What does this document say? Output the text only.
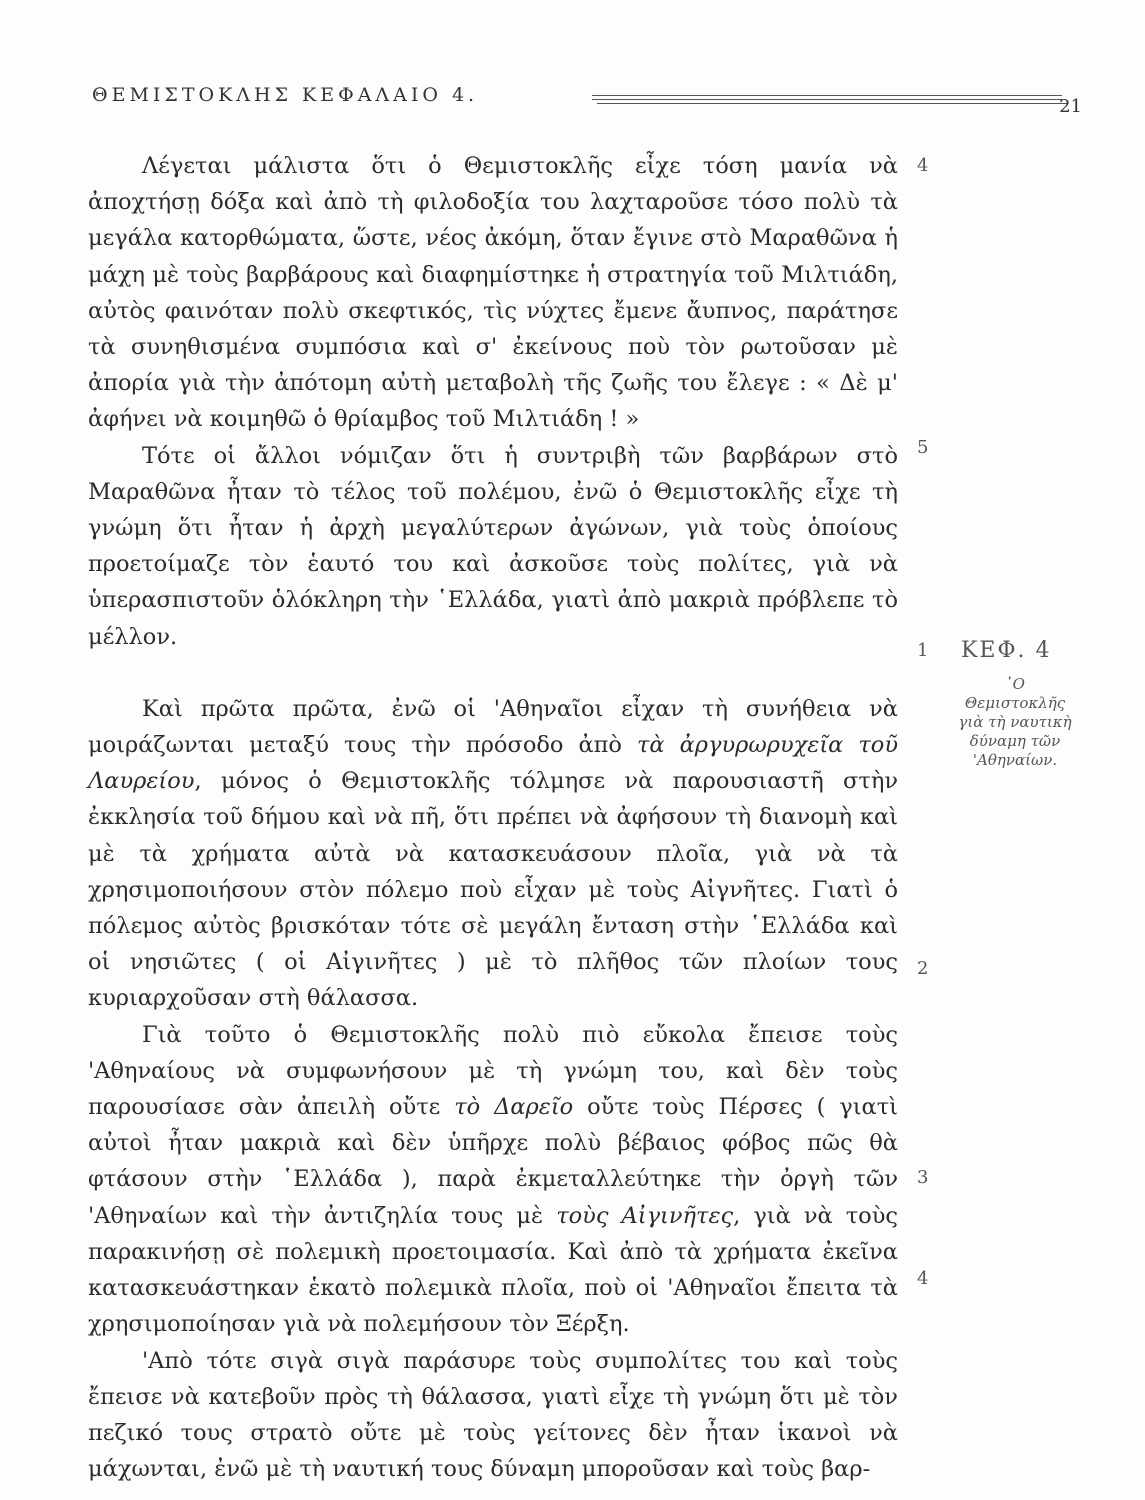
ΘΕΜΙΣΤΟΚΛΗΣ ΚΕΦΑΛΑΙΟ 4.
21

Λέγεται μάλιστα ὅτι ὁ Θεμιστοκλῆς εἶχε τόση μανία νὰ ἀποχτήσῃ δόξα καὶ ἀπὸ τὴ φιλοδοξία του λαχταροῦσε τόσο πολὺ τὰ μεγάλα κατορθώματα, ὥστε, νέος ἀκόμη, ὅταν ἔγινε στὸ Μαραθῶνα ἡ μάχη μὲ τοὺς βαρβάρους καὶ διαφημίστηκε ἡ στρατηγία τοῦ Μιλτιάδη, αὐτὸς φαινόταν πολὺ σκεφτικός, τὶς νύχτες ἔμενε ἄυπνος, παράτησε τὰ συνηθισμένα συμπόσια καὶ σ' ἐκείνους ποὺ τὸν ρωτοῦσαν μὲ ἀπορία γιὰ τὴν ἀπότομη αὐτὴ μεταβολὴ τῆς ζωῆς του ἔλεγε : « Δὲ μ' ἀφήνει νὰ κοιμηθῶ ὁ θρίαμβος τοῦ Μιλτιάδη ! »

Τότε οἱ ἄλλοι νόμιζαν ὅτι ἡ συντριβὴ τῶν βαρβάρων στὸ Μαραθῶνα ἦταν τὸ τέλος τοῦ πολέμου, ἐνῶ ὁ Θεμιστοκλῆς εἶχε τὴ γνώμη ὅτι ἦταν ἡ ἀρχὴ μεγαλύτερων ἀγώνων, γιὰ τοὺς ὁποίους προετοίμαζε τὸν ἑαυτό του καὶ ἀσκοῦσε τοὺς πολίτες, γιὰ νὰ ὑπερασπιστοῦν ὁλόκληρη τὴν ῾Ελλάδα, γιατὶ ἀπὸ μακριὰ πρόβλεπε τὸ μέλλον.

Καὶ πρῶτα πρῶτα, ἐνῶ οἱ 'Αθηναῖοι εἶχαν τὴ συνήθεια νὰ μοιράζωνται μεταξύ τους τὴν πρόσοδο ἀπὸ τὰ ἀργυρωρυχεῖα τοῦ Λαυρείου, μόνος ὁ Θεμιστοκλῆς τόλμησε νὰ παρουσιαστῆ στὴν ἐκκλησία τοῦ δήμου καὶ νὰ πῆ, ὅτι πρέπει νὰ ἀφήσουν τὴ διανομὴ καὶ μὲ τὰ χρήματα αὐτὰ νὰ κατασκευάσουν πλοῖα, γιὰ νὰ τὰ χρησιμοποιήσουν στὸν πόλεμο ποὺ εἶχαν μὲ τοὺς Αἰγνῆτες. Γιατὶ ὁ πόλεμος αὐτὸς βρισκόταν τότε σὲ μεγάλη ἔνταση στὴν ῾Ελλάδα καὶ οἱ νησιῶτες ( οἱ Αἰγινῆτες ) μὲ τὸ πλῆθος τῶν πλοίων τους κυριαρχοῦσαν στὴ θάλασσα.

Γιὰ τοῦτο ὁ Θεμιστοκλῆς πολὺ πιὸ εὔκολα ἔπεισε τοὺς 'Αθηναίους νὰ συμφωνήσουν μὲ τὴ γνώμη του, καὶ δὲν τοὺς παρουσίασε σὰν ἀπειλὴ οὔτε τὸ Δαρεῖο οὔτε τοὺς Πέρσες ( γιατὶ αὐτοὶ ἦταν μακριὰ καὶ δὲν ὑπῆρχε πολὺ βέβαιος φόβος πῶς θὰ φτάσουν στὴν ῾Ελλάδα ), παρὰ ἐκμεταλλεύτηκε τὴν ὀργὴ τῶν 'Αθηναίων καὶ τὴν ἀντιζηλία τους μὲ τοὺς Αἰγινῆτες, γιὰ νὰ τοὺς παρακινήσῃ σὲ πολεμικὴ προετοιμασία. Καὶ ἀπὸ τὰ χρήματα ἐκεῖνα κατασκευάστηκαν ἑκατὸ πολεμικὰ πλοῖα, ποὺ οἱ 'Αθηναῖοι ἔπειτα τὰ χρησιμοποίησαν γιὰ νὰ πολεμήσουν τὸν Ξέρξη.

'Απὸ τότε σιγὰ σιγὰ παράσυρε τοὺς συμπολίτες του καὶ τοὺς ἔπεισε νὰ κατεβοῦν πρὸς τὴ θάλασσα, γιατὶ εἶχε τὴ γνώμη ὅτι μὲ τὸν πεζικό τους στρατὸ οὔτε μὲ τοὺς γείτονες δὲν ἦταν ἱκανοὶ νὰ μάχωνται, ἐνῶ μὲ τὴ ναυτική τους δύναμη μποροῦσαν καὶ τοὺς βαρ-

4
5
1
2
3
4
ΚΕΦ. 4
῾Ο Θεμιστοκλῆς γιὰ τὴ ναυτικὴ δύναμη τῶν 'Αθηναίων.
